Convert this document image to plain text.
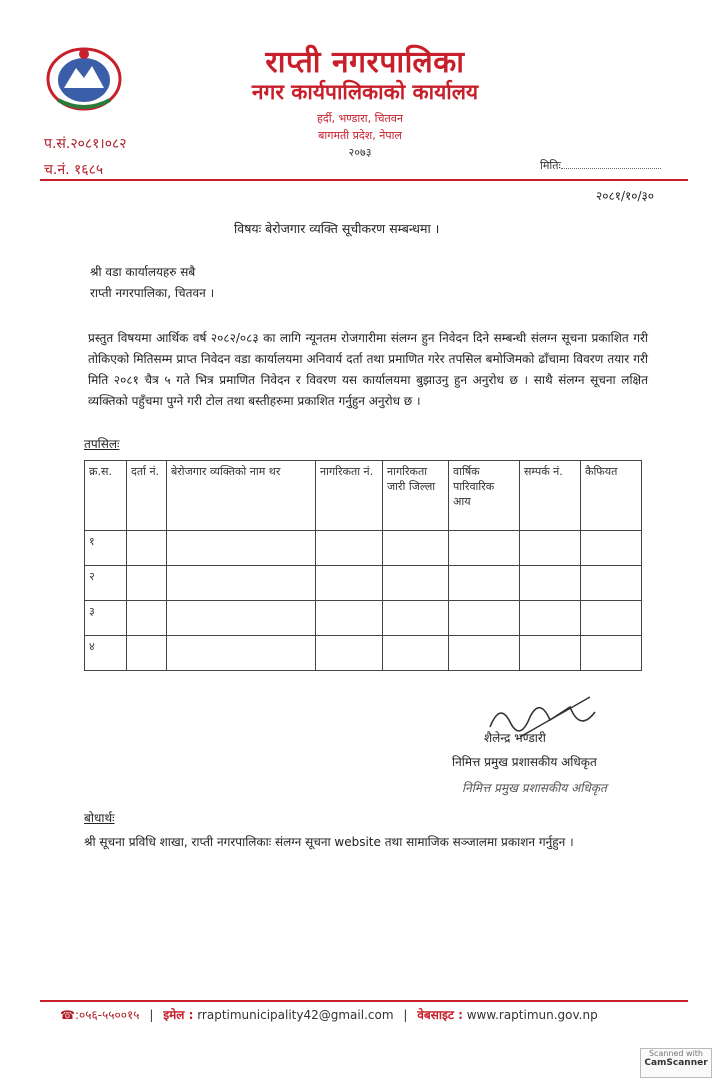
राप्ती नगरपालिका
नगर कार्यपालिकाको कार्यालय
हर्दी, भण्डारा, चितवन
बागमती प्रदेश, नेपाल
२०७३
प.सं.२०८१।०८२
च.नं. १६८५	मितिः
२०८१/१०/३०
विषयः बेरोजगार व्यक्ति सूचीकरण सम्बन्धमा ।
श्री वडा कार्यालयहरु सबै
राप्ती नगरपालिका, चितवन ।
प्रस्तुत विषयमा आर्थिक वर्ष २०८२/०८३ का लागि न्यूनतम रोजगारीमा संलग्न हुन निवेदन दिने सम्बन्धी संलग्न सूचना प्रकाशित गरी तोकिएको मितिसम्म प्राप्त निवेदन वडा कार्यालयमा अनिवार्य दर्ता तथा प्रमाणित गरेर तपसिल बमोजिमको ढाँचामा विवरण तयार गरी मिति २०८१ चैत्र ५ गते भित्र प्रमाणित निवेदन र विवरण यस कार्यालयमा बुझाउनु हुन अनुरोध छ । साथै संलग्न सूचना लक्षित व्यक्तिको पहुँचमा पुग्ने गरी टोल तथा बस्तीहरुमा प्रकाशित गर्नुहुन अनुरोध छ ।
तपसिलः
क्र.स.	दर्ता नं.	बेरोजगार व्यक्तिको नाम थर	नागरिकता नं.	नागरिकता जारी जिल्ला	वार्षिक पारिवारिक आय	सम्पर्क नं.	कैफियत
१							
२							
३							
४							
शैलेन्द्र भण्डारी
निमित्त प्रमुख प्रशासकीय अधिकृत
निमित्त प्रमुख प्रशासकीय अधिकृत
बोधार्थः
श्री सूचना प्रविधि शाखा, राप्ती नगरपालिकाः संलग्न सूचना website तथा सामाजिक सञ्जालमा प्रकाशन गर्नुहुन ।
☎:०५६-५५००१५ | इमेल : rraptimunicipality42@gmail.com | वेबसाइट : www.raptimun.gov.np
Scanned with
CamScanner
